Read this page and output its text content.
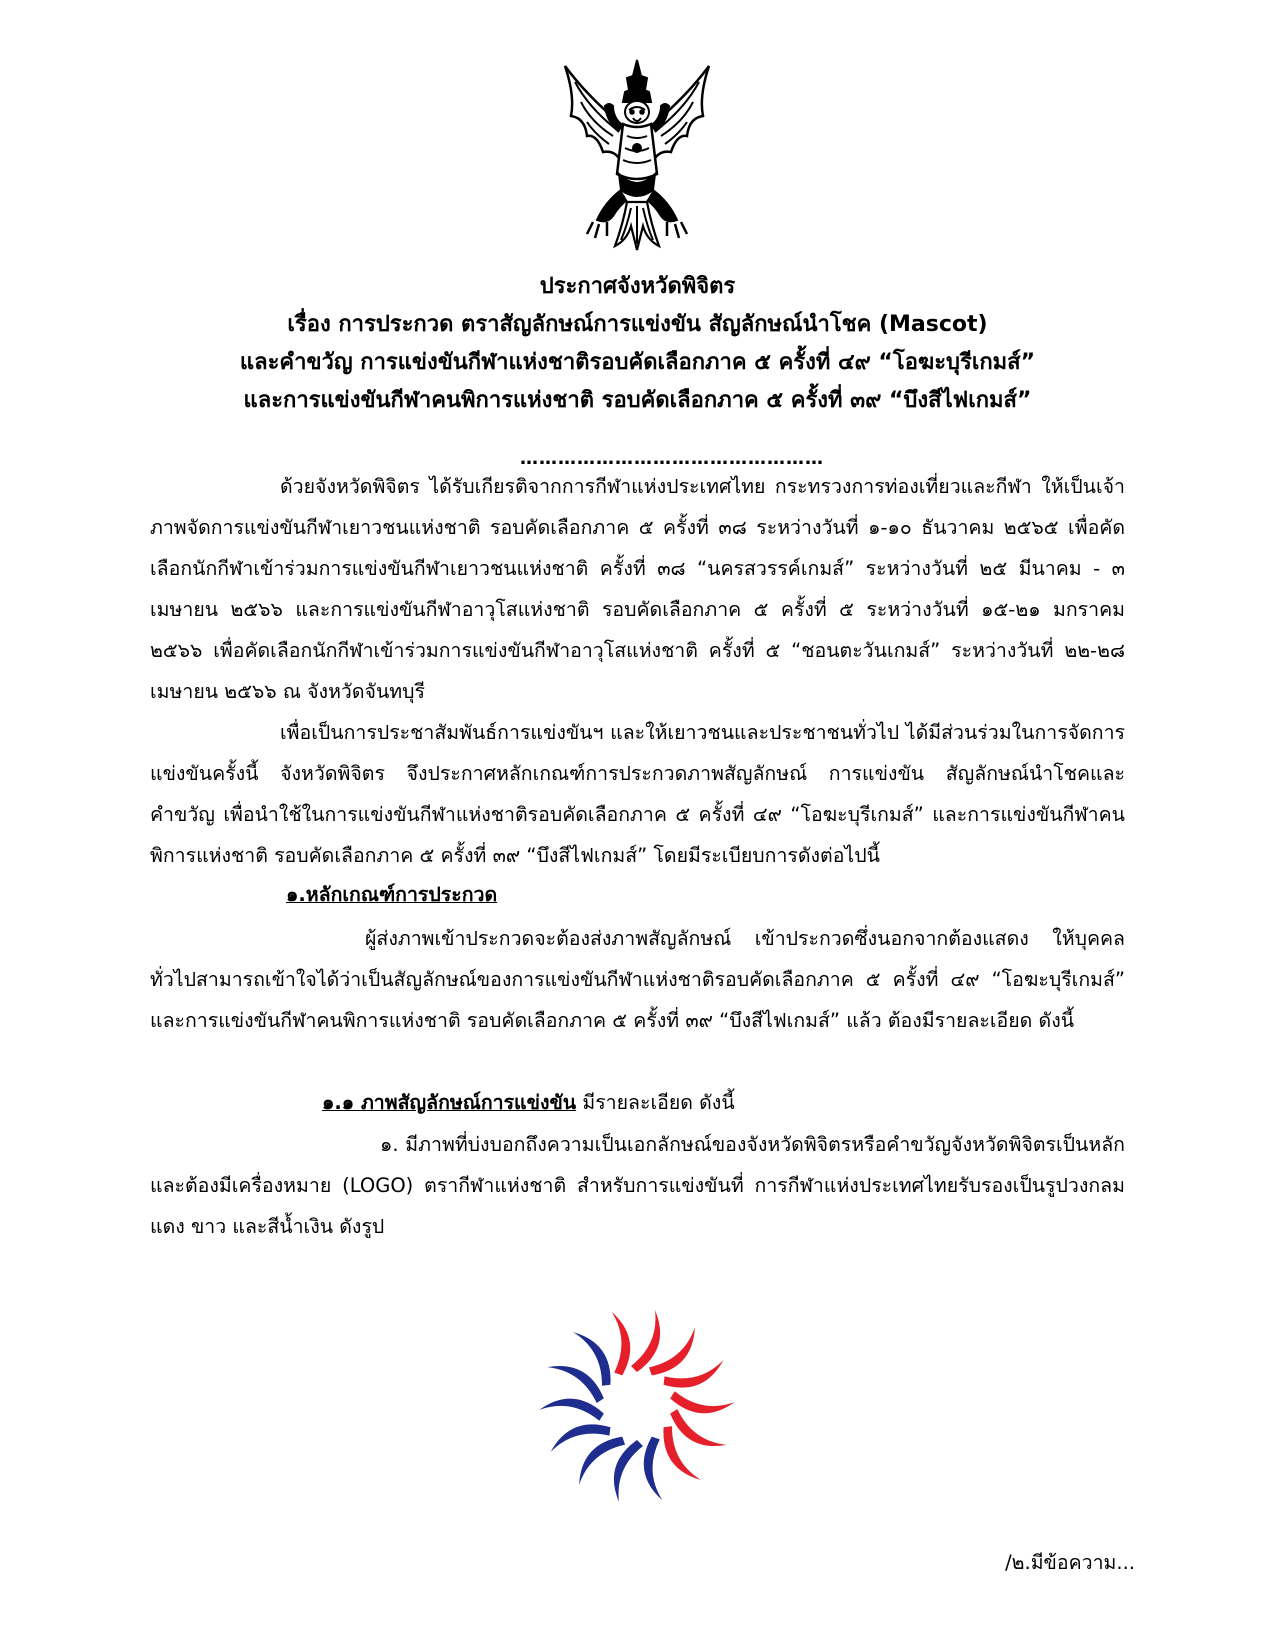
ประกาศจังหวัดพิจิตร
เรื่อง การประกวด ตราสัญลักษณ์การแข่งขัน สัญลักษณ์นำโชค (Mascot)
และคำขวัญ การแข่งขันกีฬาแห่งชาติรอบคัดเลือกภาค ๕ ครั้งที่ ๔๙ “โอฆะบุรีเกมส์”
และการแข่งขันกีฬาคนพิการแห่งชาติ รอบคัดเลือกภาค ๕ ครั้งที่ ๓๙ “บึงสีไฟเกมส์”
…………………………………………
ด้วยจังหวัดพิจิตร ได้รับเกียรติจากการกีฬาแห่งประเทศไทย กระทรวงการท่องเที่ยวและกีฬา ให้เป็นเจ้าภาพจัดการแข่งขันกีฬาเยาวชนแห่งชาติ รอบคัดเลือกภาค ๕ ครั้งที่ ๓๘ ระหว่างวันที่ ๑-๑๐ ธันวาคม ๒๕๖๕ เพื่อคัดเลือกนักกีฬาเข้าร่วมการแข่งขันกีฬาเยาวชนแห่งชาติ ครั้งที่ ๓๘ “นครสวรรค์เกมส์” ระหว่างวันที่ ๒๕ มีนาคม - ๓ เมษายน ๒๕๖๖ และการแข่งขันกีฬาอาวุโสแห่งชาติ รอบคัดเลือกภาค ๕ ครั้งที่ ๕ ระหว่างวันที่ ๑๕-๒๑ มกราคม ๒๕๖๖ เพื่อคัดเลือกนักกีฬาเข้าร่วมการแข่งขันกีฬาอาวุโสแห่งชาติ ครั้งที่ ๕ “ชอนตะวันเกมส์” ระหว่างวันที่ ๒๒-๒๘ เมษายน ๒๕๖๖ ณ จังหวัดจันทบุรี
เพื่อเป็นการประชาสัมพันธ์การแข่งขันฯ และให้เยาวชนและประชาชนทั่วไป ได้มีส่วนร่วมในการจัดการแข่งขันครั้งนี้ จังหวัดพิจิตร จึงประกาศหลักเกณฑ์การประกวดภาพสัญลักษณ์ การแข่งขัน สัญลักษณ์นำโชคและคำขวัญ เพื่อนำใช้ในการแข่งขันกีฬาแห่งชาติรอบคัดเลือกภาค ๕ ครั้งที่ ๔๙ “โอฆะบุรีเกมส์” และการแข่งขันกีฬาคนพิการแห่งชาติ รอบคัดเลือกภาค ๕ ครั้งที่ ๓๙ “บึงสีไฟเกมส์” โดยมีระเบียบการดังต่อไปนี้
๑.หลักเกณฑ์การประกวด
ผู้ส่งภาพเข้าประกวดจะต้องส่งภาพสัญลักษณ์ เข้าประกวดซึ่งนอกจากต้องแสดง ให้บุคคลทั่วไปสามารถเข้าใจได้ว่าเป็นสัญลักษณ์ของการแข่งขันกีฬาแห่งชาติรอบคัดเลือกภาค ๕ ครั้งที่ ๔๙ “โอฆะบุรีเกมส์” และการแข่งขันกีฬาคนพิการแห่งชาติ รอบคัดเลือกภาค ๕ ครั้งที่ ๓๙ “บึงสีไฟเกมส์” แล้ว ต้องมีรายละเอียด ดังนี้
๑.๑ ภาพสัญลักษณ์การแข่งขัน มีรายละเอียด ดังนี้
๑. มีภาพที่บ่งบอกถึงความเป็นเอกลักษณ์ของจังหวัดพิจิตรหรือคำขวัญจังหวัดพิจิตรเป็นหลัก และต้องมีเครื่องหมาย (LOGO) ตรากีฬาแห่งชาติ สำหรับการแข่งขันที่ การกีฬาแห่งประเทศไทยรับรองเป็นรูปวงกลมแดง ขาว และสีน้ำเงิน ดังรูป
/๒.มีข้อความ...
